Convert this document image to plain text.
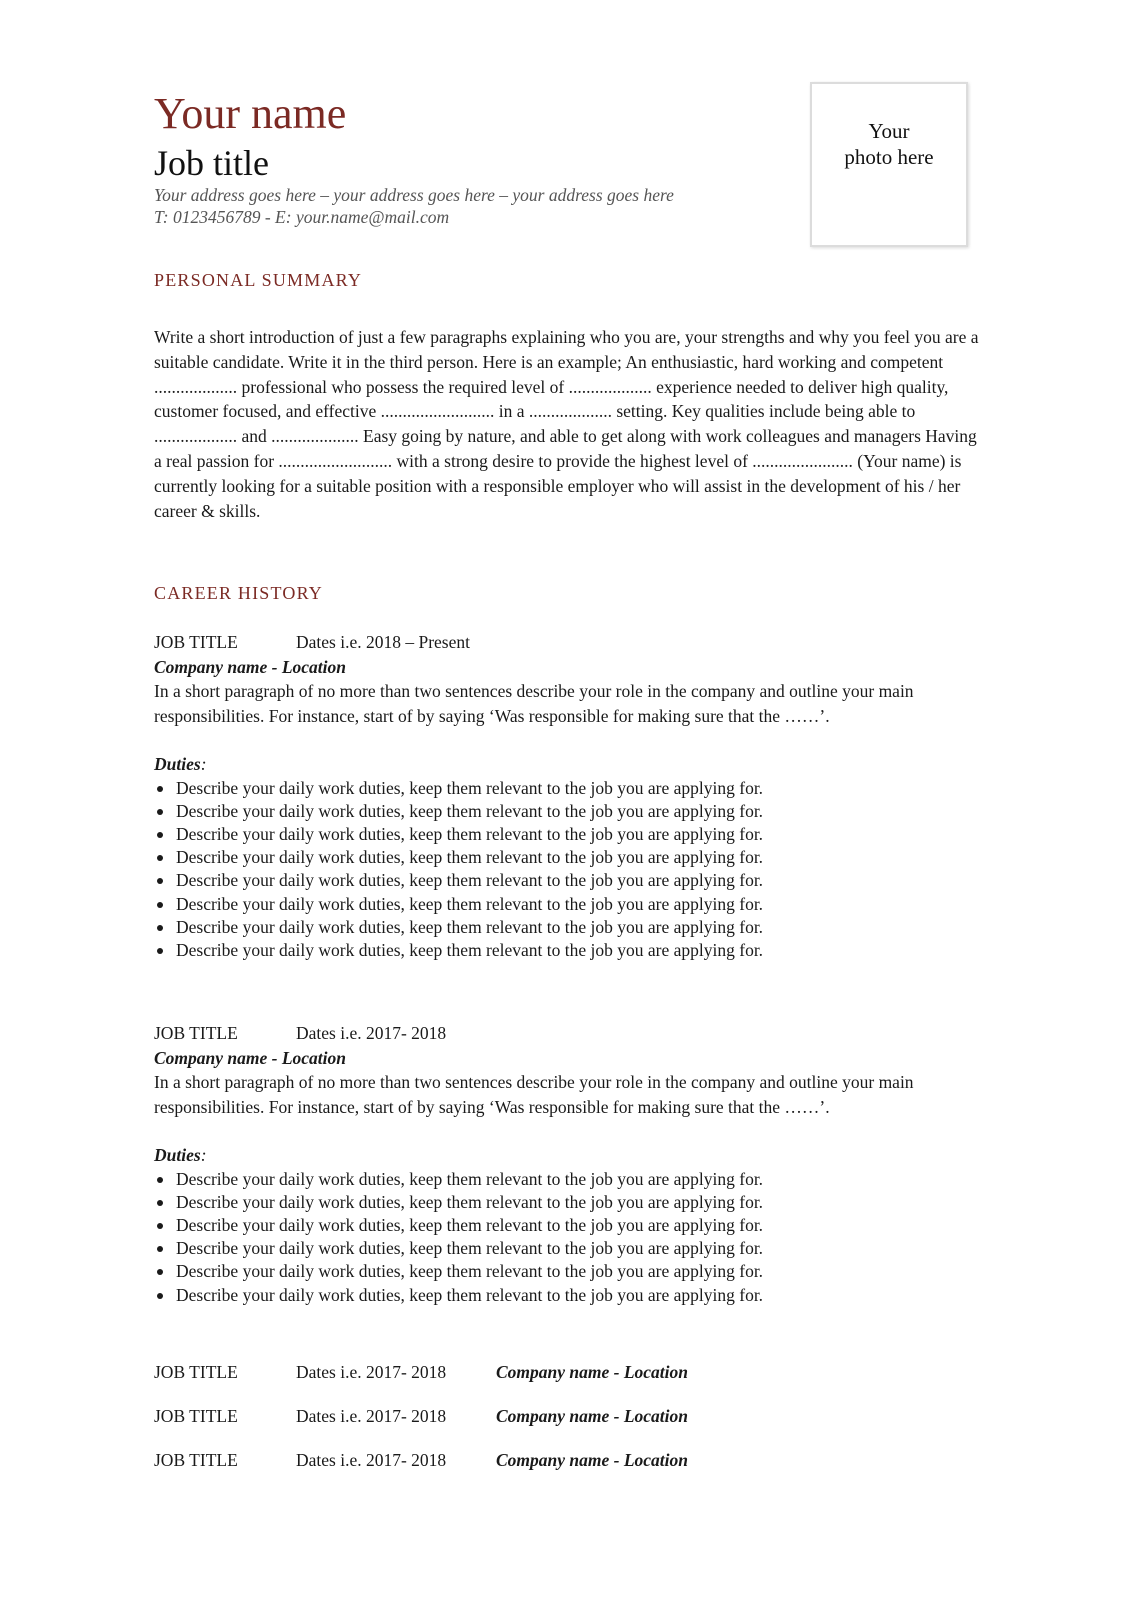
Your name
Job title
Your address goes here – your address goes here – your address goes here
T: 0123456789 - E: your.name@mail.com
Your photo here
PERSONAL SUMMARY
Write a short introduction of just a few paragraphs explaining who you are, your strengths and why you feel you are a suitable candidate. Write it in the third person. Here is an example; An enthusiastic, hard working and competent ................... professional who possess the required level of ................... experience needed to deliver high quality, customer focused, and effective .......................... in a ................... setting. Key qualities include being able to ................... and .................... Easy going by nature, and able to get along with work colleagues and managers Having a real passion for .......................... with a strong desire to provide the highest level of ....................... (Your name) is currently looking for a suitable position with a responsible employer who will assist in the development of his / her career & skills.
CAREER HISTORY
JOB TITLE	Dates i.e. 2018 – Present
Company name - Location
In a short paragraph of no more than two sentences describe your role in the company and outline your main responsibilities. For instance, start of by saying ‘Was responsible for making sure that the ……’.
Duties:
Describe your daily work duties, keep them relevant to the job you are applying for.
Describe your daily work duties, keep them relevant to the job you are applying for.
Describe your daily work duties, keep them relevant to the job you are applying for.
Describe your daily work duties, keep them relevant to the job you are applying for.
Describe your daily work duties, keep them relevant to the job you are applying for.
Describe your daily work duties, keep them relevant to the job you are applying for.
Describe your daily work duties, keep them relevant to the job you are applying for.
Describe your daily work duties, keep them relevant to the job you are applying for.
JOB TITLE	Dates i.e. 2017- 2018
Company name - Location
In a short paragraph of no more than two sentences describe your role in the company and outline your main responsibilities. For instance, start of by saying ‘Was responsible for making sure that the ……’.
Duties:
Describe your daily work duties, keep them relevant to the job you are applying for.
Describe your daily work duties, keep them relevant to the job you are applying for.
Describe your daily work duties, keep them relevant to the job you are applying for.
Describe your daily work duties, keep them relevant to the job you are applying for.
Describe your daily work duties, keep them relevant to the job you are applying for.
Describe your daily work duties, keep them relevant to the job you are applying for.
JOB TITLE	Dates i.e. 2017- 2018	Company name - Location
JOB TITLE	Dates i.e. 2017- 2018	Company name - Location
JOB TITLE	Dates i.e. 2017- 2018	Company name - Location
